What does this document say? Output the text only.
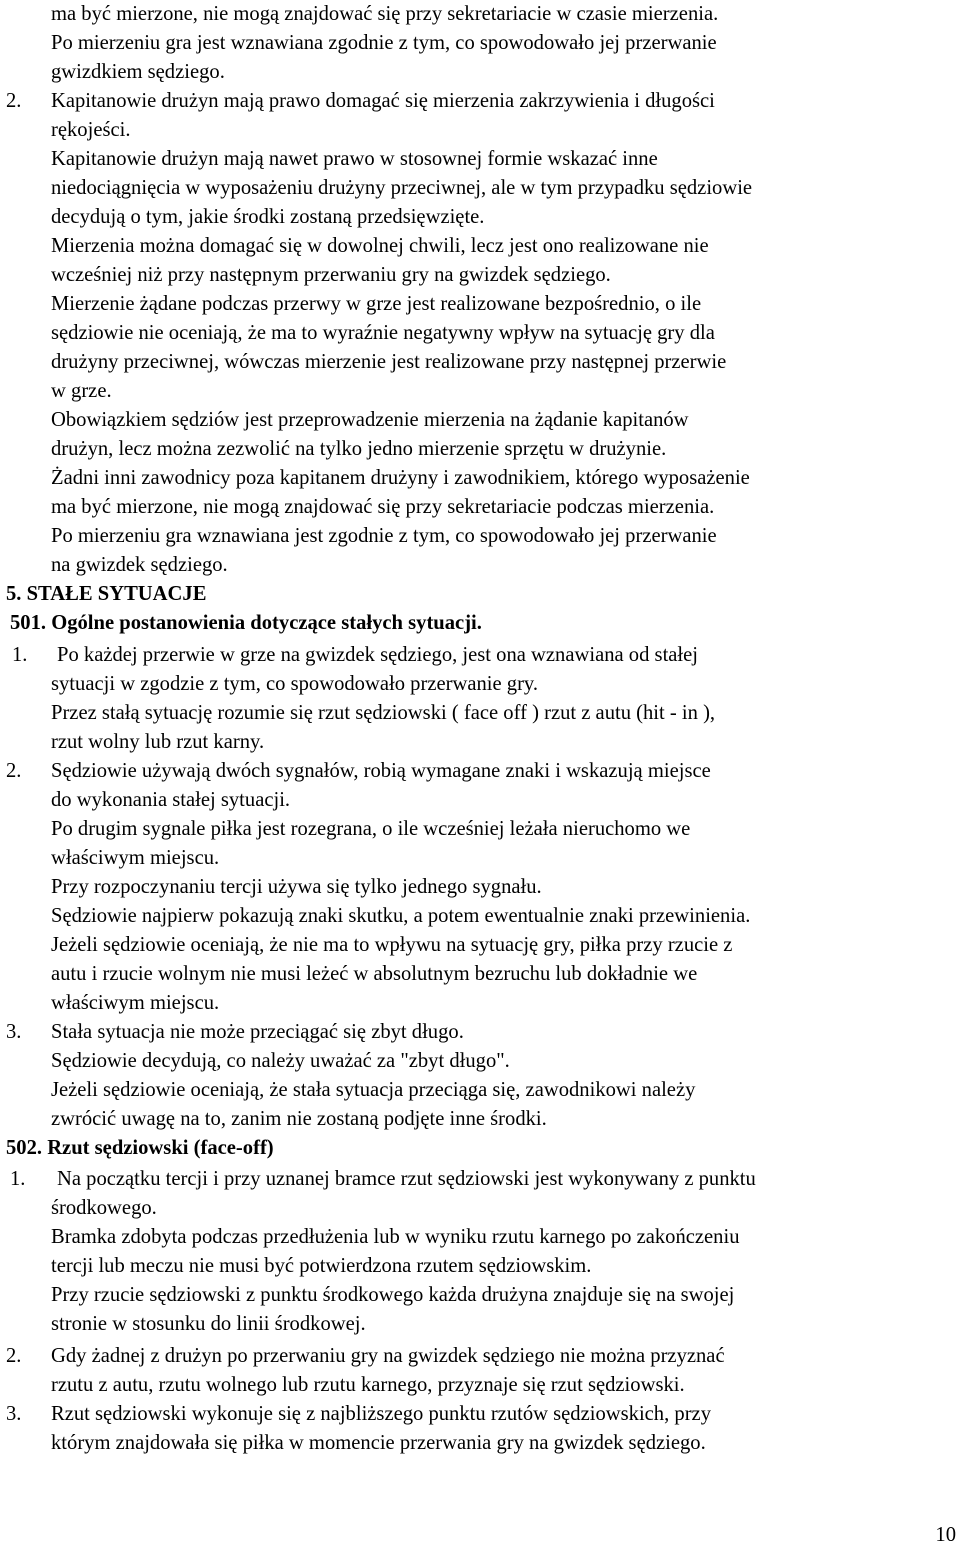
ma być mierzone, nie mogą znajdować się przy sekretariacie w czasie mierzenia.
Po mierzeniu gra jest wznawiana zgodnie z tym, co spowodowało jej przerwanie
gwizdkiem sędziego.
2. Kapitanowie drużyn mają prawo domagać się mierzenia zakrzywienia i długości
rękojeści.
Kapitanowie drużyn mają nawet prawo w stosownej formie wskazać inne
niedociągnięcia w wyposażeniu drużyny przeciwnej, ale w tym przypadku sędziowie
decydują o tym, jakie środki zostaną przedsięwzięte.
Mierzenia można domagać się w dowolnej chwili, lecz jest ono realizowane nie
wcześniej niż przy następnym przerwaniu gry na gwizdek sędziego.
Mierzenie żądane podczas przerwy w grze jest realizowane bezpośrednio, o ile
sędziowie nie oceniają, że ma to wyraźnie negatywny wpływ na sytuację gry dla
drużyny przeciwnej, wówczas mierzenie jest realizowane przy następnej przerwie
w grze.
Obowiązkiem sędziów jest przeprowadzenie mierzenia na żądanie kapitanów
drużyn, lecz można zezwolić na tylko jedno mierzenie sprzętu w drużynie.
Żadni inni zawodnicy poza kapitanem drużyny i zawodnikiem, którego wyposażenie
ma być mierzone, nie mogą znajdować się przy sekretariacie podczas mierzenia.
Po mierzeniu gra wznawiana jest zgodnie z tym, co spowodowało jej przerwanie
na gwizdek sędziego.
5. STAŁE SYTUACJE
501. Ogólne postanowienia dotyczące stałych sytuacji.
1. Po każdej przerwie w grze na gwizdek sędziego, jest ona wznawiana od stałej
sytuacji w zgodzie z tym, co spowodowało przerwanie gry.
Przez stałą sytuację rozumie się rzut sędziowski ( face off ) rzut z autu (hit - in ),
rzut wolny lub rzut karny.
2. Sędziowie używają dwóch sygnałów, robią wymagane znaki i wskazują miejsce
do wykonania stałej sytuacji.
Po drugim sygnale piłka jest rozegrana, o ile wcześniej leżała nieruchomo we
właściwym miejscu.
Przy rozpoczynaniu tercji używa się tylko jednego sygnału.
Sędziowie najpierw pokazują znaki skutku, a potem ewentualnie znaki przewinienia.
Jeżeli sędziowie oceniają, że nie ma to wpływu na sytuację gry, piłka przy rzucie z
autu i rzucie wolnym nie musi leżeć w absolutnym bezruchu lub dokładnie we
właściwym miejscu.
3. Stała sytuacja nie może przeciągać się zbyt długo.
Sędziowie decydują, co należy uważać za "zbyt długo".
Jeżeli sędziowie oceniają, że stała sytuacja przeciąga się, zawodnikowi należy
zwrócić uwagę na to, zanim nie zostaną podjęte inne środki.
502. Rzut sędziowski (face-off)
1. Na początku tercji i przy uznanej bramce rzut sędziowski jest wykonywany z punktu
środkowego.
Bramka zdobyta podczas przedłużenia lub w wyniku rzutu karnego po zakończeniu
tercji lub meczu nie musi być potwierdzona rzutem sędziowskim.
Przy rzucie sędziowski z punktu środkowego każda drużyna znajduje się na swojej
stronie w stosunku do linii środkowej.
2. Gdy żadnej z drużyn po przerwaniu gry na gwizdek sędziego nie można przyznać
rzutu z autu, rzutu wolnego lub rzutu karnego, przyznaje się rzut sędziowski.
3. Rzut sędziowski wykonuje się z najbliższego punktu rzutów sędziowskich, przy
którym znajdowała się piłka w momencie przerwania gry na gwizdek sędziego.
10
